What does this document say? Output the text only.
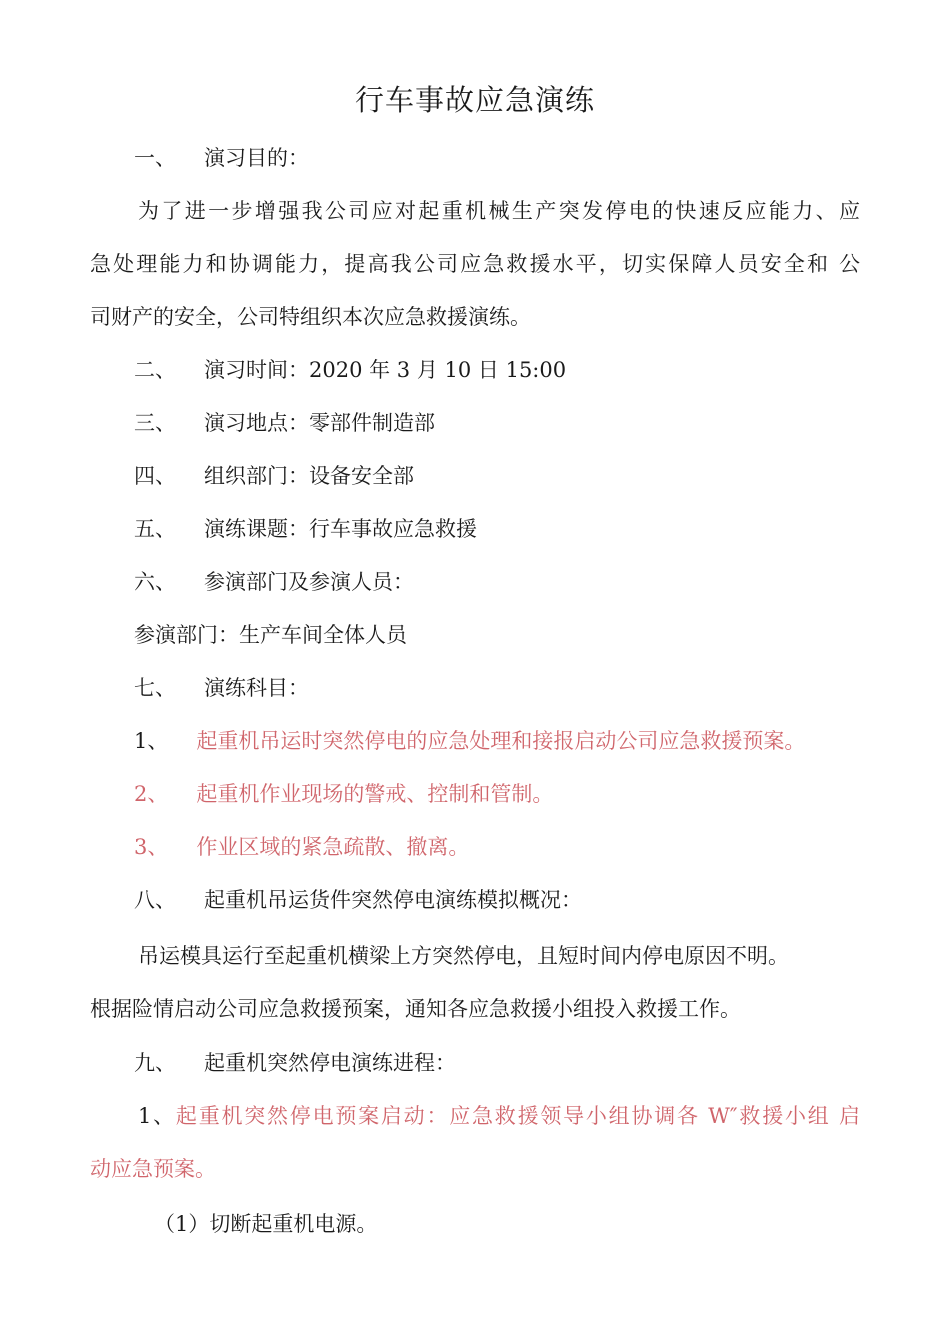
行车事故应急演练
一、 演习目的：
为了进一步增强我公司应对起重机械生产突发停电的快速反应能力、应
急处理能力和协调能力，提高我公司应急救援水平，切实保障人员安全和 公
司财产的安全，公司特组织本次应急救援演练。
二、 演习时间：2020 年 3 月 10 日 15:00
三、 演习地点：零部件制造部
四、 组织部门：设备安全部
五、 演练课题：行车事故应急救援
六、 参演部门及参演人员：
参演部门：生产车间全体人员
七、 演练科目：
1、 起重机吊运时突然停电的应急处理和接报启动公司应急救援预案。
2、 起重机作业现场的警戒、控制和管制。
3、 作业区域的紧急疏散、撤离。
八、 起重机吊运货件突然停电演练模拟概况：
吊运模具运行至起重机横梁上方突然停电，且短时间内停电原因不明。
根据险情启动公司应急救援预案，通知各应急救援小组投入救援工作。
九、 起重机突然停电演练进程：
1、起重机突然停电预案启动：应急救援领导小组协调各 W″救援小组 启
动应急预案。
（1）切断起重机电源。
